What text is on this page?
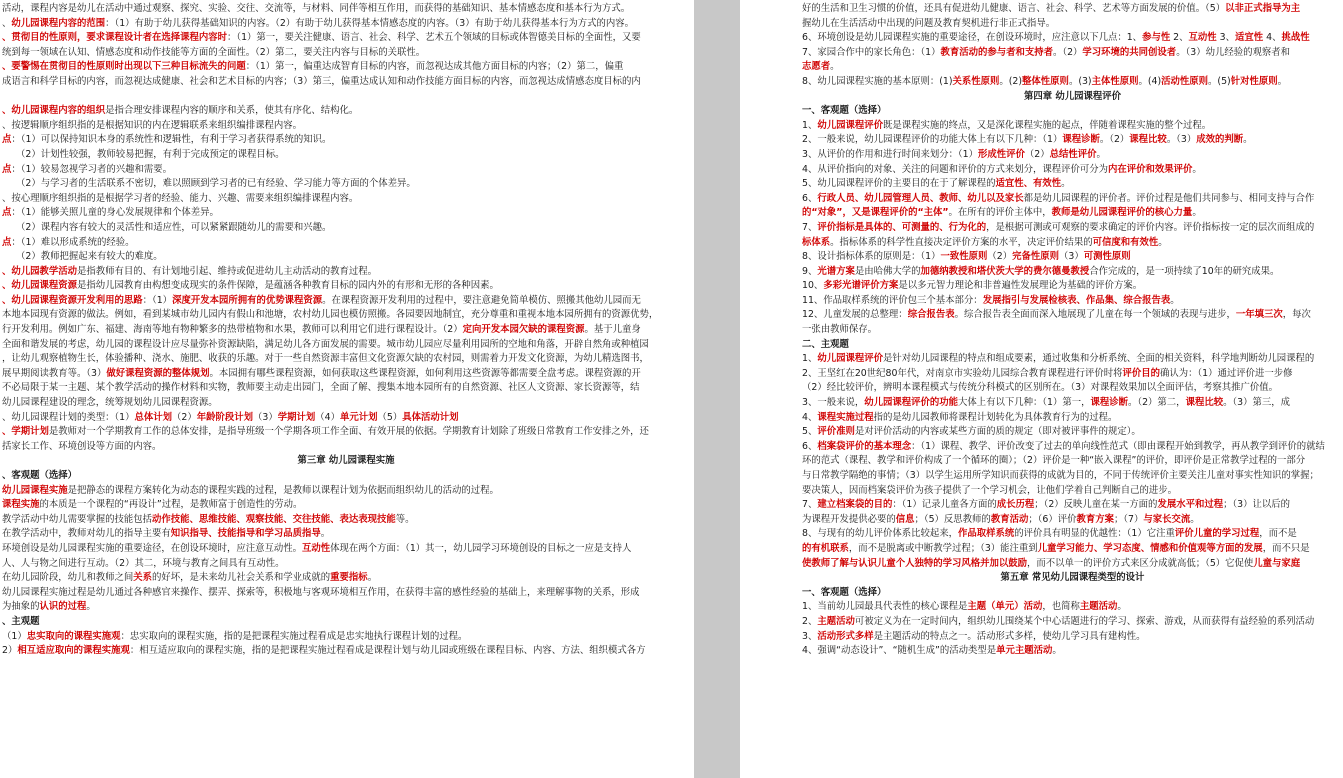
活动，课程内容是幼儿在活动中通过观察、探究、实验、交往、交流等，与材料、同伴等相互作用，而获得的基础知识、基本情感态度和基本行为方式。
、幼儿园课程内容的范围：（1）有助于幼儿获得基础知识的内容。（2）有助于幼儿获得基本情感态度的内容。（3）有助于幼儿获得基本行为方式的内容。
、贯彻目的性原则，要求课程设计者在选择课程内容时：（1）第一，要关注健康、语言、社会、科学、艺术五个领域的目标或体智德美目标的全面性，又要
统到每一领域在认知、情感态度和动作技能等方面的全面性。（2）第二，要关注内容与目标的关联性。
、要警惕在贯彻目的性原则时出现以下三种目标流失的问题：（1）第一，偏重达成智育目标的内容，而忽视达成其他方面目标的内容；（2）第二，偏重
成语言和科学目标的内容，而忽视达成健康、社会和艺术目标的内容；（3）第三，偏重达成认知和动作技能方面目标的内容，而忽视达成情感态度目标的内
、幼儿园课程内容的组织是指合理安排课程内容的顺序和关系，使其有序化、结构化。
、按逻辑顺序组织指的是根据知识的内在逻辑联系来组织编排课程内容。
点：（1）可以保持知识本身的系统性和逻辑性，有利于学习者获得系统的知识。
　　（2）计划性较强，教师较易把握，有利于完成预定的课程目标。
点：（1）较易忽视学习者的兴趣和需要。
　　（2）与学习者的生活联系不密切，难以照顾到学习者的已有经验、学习能力等方面的个体差异。
、按心理顺序组织指的是根据学习者的经验、能力、兴趣、需要来组织编排课程内容。
点：（1）能够关照儿童的身心发展规律和个体差异。
　　（2）课程内容有较大的灵活性和适应性，可以紧紧跟随幼儿的需要和兴趣。
点：（1）难以形成系统的经验。
　　（2）教师把握起来有较大的难度。
、幼儿园教学活动是指教师有目的、有计划地引起、维持或促进幼儿主动活动的教育过程。
、幼儿园课程资源是指幼儿园教育由构想变成现实的条件保障，是蕴涵各种教育目标的园内外的有形和无形的各种因素。
、幼儿园课程资源开发利用的思路：（1）深度开发本园所拥有的优势课程资源。在课程资源开发利用的过程中，要注意避免简单模仿、照搬其他幼儿园而无
本地本园现有资源的做法。例如，看到某城市幼儿园内有假山和池塘，农村幼儿园也模仿照搬。各园要因地制宜，充分尊重和重视本地本园所拥有的资源优势，
行开发利用。例如广东、福建、海南等地有物种繁多的热带植物和水果，教师可以利用它们进行课程设计。（2）定向开发本园欠缺的课程资源。基于儿童身
全面和谐发展的考虑，幼儿园的课程设计应尽量弥补资源缺陷，满足幼儿各方面发展的需要。城市幼儿园应尽量利用园所的空地和角落，开辟自然角或种植园
，让幼儿观察植物生长，体验播种、浇水、施肥、收获的乐趣。对于一些自然资源丰富但文化资源欠缺的农村园，则需着力开发文化资源，为幼儿精选图书，
展早期阅读教育等。（3）做好课程资源的整体规划。本园拥有哪些课程资源，如何获取这些课程资源，如何利用这些资源等都需要全盘考虑。课程资源的开
不必局限于某一主题、某个教学活动的操作材料和实物，教师要主动走出园门，全面了解、搜集本地本园所有的自然资源、社区人文资源、家长资源等，结
幼儿园课程建设的理念，统筹规划幼儿园课程资源。
、幼儿园课程计划的类型：（1）总体计划（2）年龄阶段计划（3）学期计划（4）单元计划（5）具体活动计划
、学期计划是教师对一个学期教育工作的总体安排，是指导班级一个学期各项工作全面、有效开展的依据。学期教育计划除了班级日常教育工作安排之外，还
括家长工作、环境创设等方面的内容。
第三章 幼儿园课程实施
、客观题（选择）
幼儿园课程实施是把静态的课程方案转化为动态的课程实践的过程，是教师以课程计划为依据而组织幼儿的活动的过程。
课程实施的本质是一个课程的“再设计”过程，是教师富于创造性的劳动。
教学活动中幼儿需要掌握的技能包括动作技能、思维技能、观察技能、交往技能、表达表现技能等。
在教学活动中，教师对幼儿的指导主要有知识指导、技能指导和学习品质指导。
环境创设是幼儿园课程实施的重要途径，在创设环境时，应注意互动性。互动性体现在两个方面：（1）其一，幼儿园学习环境创设的目标之一应是支持人
人、人与物之间进行互动。（2）其二，环境与教育之间具有互动性。
在幼儿园阶段，幼儿和教师之间关系的好坏，是未来幼儿社会关系和学业成就的重要指标。
幼儿园课程实施过程是幼儿通过各种感官来操作、摆弄、探索等，积极地与客观环境相互作用，在获得丰富的感性经验的基础上，来理解事物的关系，形成
为抽象的认识的过程。
、主观题
（1）忠实取向的课程实施观：忠实取向的课程实施，指的是把课程实施过程看成是忠实地执行课程计划的过程。
2）相互适应取向的课程实施观：相互适应取向的课程实施，指的是把课程实施过程看成是课程计划与幼儿园或班级在课程目标、内容、方法、组织模式各方
好的生活和卫生习惯的价值，还具有促进幼儿健康、语言、社会、科学、艺术等方面发展的价值。（5）以非正式指导为主
握幼儿在生活活动中出现的问题及教育契机进行非正式指导。
6、环境创设是幼儿园课程实施的重要途径，在创设环境时，应注意以下几点：1、参与性 2、互动性 3、适宜性 4、挑战性
7、家园合作中的家长角色：（1）教育活动的参与者和支持者。（2）学习环境的共同创设者。（3）幼儿经验的观察者和
志愿者。
8、幼儿园课程实施的基本原则：(1)关系性原则。(2)整体性原则。(3)主体性原则。(4)活动性原则。(5)针对性原则。
第四章 幼儿园课程评价
一、客观题（选择）
1、幼儿园课程评价既是课程实施的终点，又是深化课程实施的起点，伴随着课程实施的整个过程。
2、一般来说，幼儿园课程评价的功能大体上有以下几种：（1）课程诊断。（2）课程比较。（3）成效的判断。
3、从评价的作用和进行时间来划分：（1）形成性评价（2）总结性评价。
4、从评价指向的对象、关注的问题和评价的方式来划分，课程评价可分为内在评价和效果评价。
5、幼儿园课程评价的主要目的在于了解课程的适宜性、有效性。
6、行政人员、幼儿园管理人员、教师、幼儿以及家长都是幼儿园课程的评价者。评价过程是他们共同参与、相同支持与合作
的“对象”，又是课程评价的“主体”。在所有的评价主体中，教师是幼儿园课程评价的核心力量。
7、评价指标是具体的、可测量的、行为化的，是根据可测或可观察的要求确定的评价内容。评价指标按一定的层次而组成的
标体系。指标体系的科学性直接决定评价方案的水平，决定评价结果的可信度和有效性。
8、设计指标体系的原则是：（1）一致性原则（2）完备性原则（3）可测性原则
9、光谱方案是由哈佛大学的加德纳教授和塔伏茨大学的费尔德曼教授合作完成的，是一项持续了10年的研究成果。
10、多彩光谱评价方案是以多元智力理论和非普遍性发展理论为基础的评价方案。
11、作品取样系统的评价包三个基本部分：发展指引与发展检核表、作品集、综合报告表。
12、儿童发展的总整理：综合报告表。综合报告表全面而深入地展现了儿童在每一个领域的表现与进步，一年填三次，每次
一张由教师保存。
二、主观题
1、幼儿园课程评价是针对幼儿园课程的特点和组成要素，通过收集和分析系统、全面的相关资料，科学地判断幼儿园课程的
2、王坚红在20世纪80年代，对南京市实验幼儿园综合教育课程进行评价时将评价目的确认为：（1）通过评价进一步修
（2）经比较评价，辨明本课程模式与传统分科模式的区别所在。（3）对课程效果加以全面评估，考察其推广价值。
3、一般来说，幼儿园课程评价的功能大体上有以下几种：（1）第一，课程诊断。（2）第二，课程比较。（3）第三，成
4、课程实施过程指的是幼儿园教师将课程计划转化为具体教育行为的过程。
5、评价准则是对评价活动的内容或某些方面的质的规定（即对被评事件的规定）。
6、档案袋评价的基本理念：（1）课程、教学、评价改变了过去的单向线性范式（即由课程开始到教学，再从教学到评价的就结
环的范式（课程、教学和评价构成了一个循环的圈）；（2）评价是一种“嵌入课程”的评价，即评价是正常教学过程的一部分
与日常教学隔绝的事情；（3）以学生运用所学知识而获得的成就为目的，不同于传统评价主要关注儿童对事实性知识的掌握；
要决策人，因而档案袋评价为孩子提供了一个学习机会，让他们学着自己判断自己的进步。
7、建立档案袋的目的：（1）记录儿童各方面的成长历程；（2）反映儿童在某一方面的发展水平和过程；（3）让以后的
为课程开发提供必要的信息；（5）反思教师的教育活动；（6）评价教育方案；（7）与家长交流。
8、与现有的幼儿评价体系比较起来，作品取样系统的评价具有明显的优越性：（1）它注重评价儿童的学习过程，而不是
的有机联系，而不是脱离或中断教学过程；（3）能注重到儿童学习能力、学习态度、情感和价值观等方面的发展，而不只是
使教师了解与认识儿童个人独特的学习风格并加以鼓励，而不以单一的评价方式来区分成就高低；（5）它促使儿童与家庭
第五章 常见幼儿园课程类型的设计
一、客观题（选择）
1、当前幼儿园最具代表性的核心课程是主题（单元）活动，也简称主题活动。
2、主题活动可被定义为在一定时间内，组织幼儿围绕某个中心话题进行的学习、探索、游戏，从而获得有益经验的系列活动
3、活动形式多样是主题活动的特点之一。活动形式多样，使幼儿学习具有建构性。
4、强调“动态设计”、“随机生成”的活动类型是单元主题活动。
